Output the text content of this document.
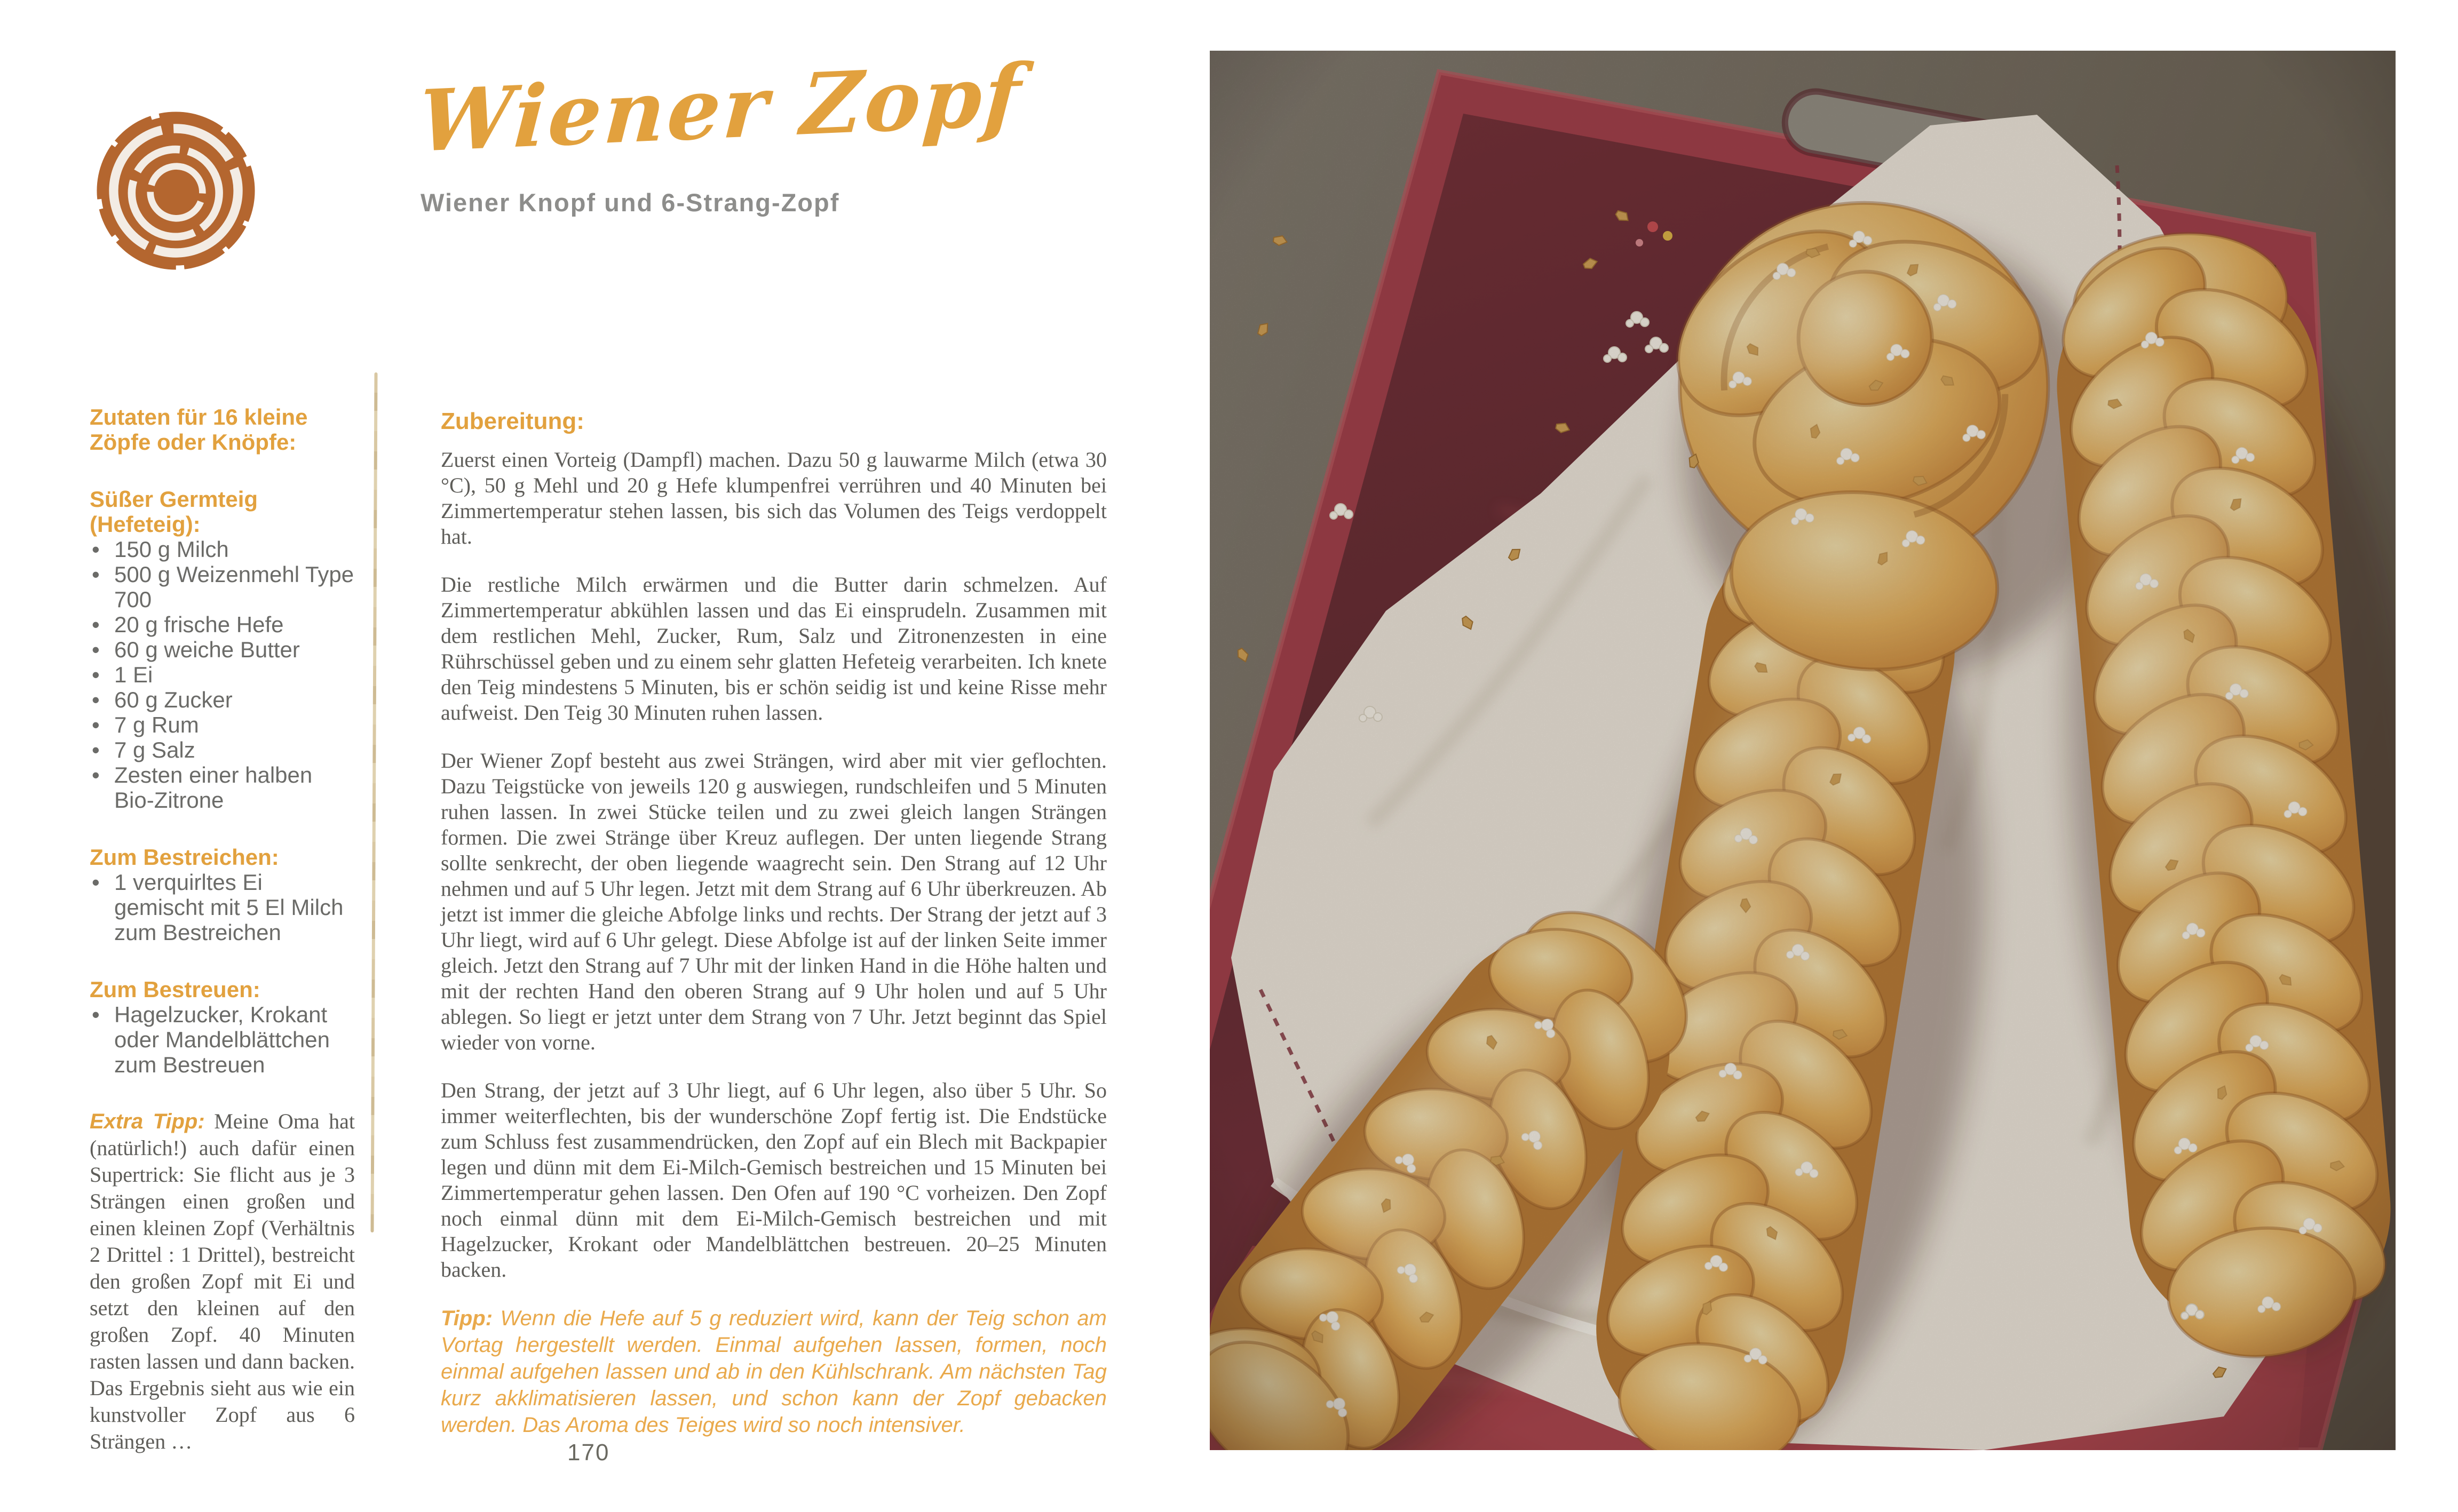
Wiener Zopf
Wiener Knopf und 6-Strang-Zopf
Zutaten für 16 kleine Zöpfe oder Knöpfe:
Süßer Germteig (Hefeteig):
• 150 g Milch
• 500 g Weizenmehl Type 700
• 20 g frische Hefe
• 60 g weiche Butter
• 1 Ei
• 60 g Zucker
• 7 g Rum
• 7 g Salz
• Zesten einer halben Bio-Zitrone
Zum Bestreichen:
• 1 verquirltes Ei gemischt mit 5 El Milch zum Bestreichen
Zum Bestreuen:
• Hagelzucker, Krokant oder Mandelblättchen zum Bestreuen

Extra Tipp: Meine Oma hat (natürlich!) auch dafür einen Supertrick: Sie flicht aus je 3 Strängen einen großen und einen kleinen Zopf (Verhältnis 2 Drittel : 1 Drittel), bestreicht den großen Zopf mit Ei und setzt den kleinen auf den großen Zopf. 40 Minuten rasten lassen und dann backen. Das Ergebnis sieht aus wie ein kunstvoller Zopf aus 6 Strängen …

Zubereitung:

Zuerst einen Vorteig (Dampfl) machen. Dazu 50 g lauwarme Milch (etwa 30 °C), 50 g Mehl und 20 g Hefe klumpenfrei verrühren und 40 Minuten bei Zimmertemperatur stehen lassen, bis sich das Volumen des Teigs verdoppelt hat.

Die restliche Milch erwärmen und die Butter darin schmelzen. Auf Zimmertemperatur abkühlen lassen und das Ei einsprudeln. Zusammen mit dem restlichen Mehl, Zucker, Rum, Salz und Zitronenzesten in eine Rührschüssel geben und zu einem sehr glatten Hefeteig verarbeiten. Ich knete den Teig mindestens 5 Minuten, bis er schön seidig ist und keine Risse mehr aufweist. Den Teig 30 Minuten ruhen lassen.

Der Wiener Zopf besteht aus zwei Strängen, wird aber mit vier geflochten. Dazu Teigstücke von jeweils 120 g auswiegen, rundschleifen und 5 Minuten ruhen lassen. In zwei Stücke teilen und zu zwei gleich langen Strängen formen. Die zwei Stränge über Kreuz auflegen. Der unten liegende Strang sollte senkrecht, der oben liegende waagrecht sein. Den Strang auf 12 Uhr nehmen und auf 5 Uhr legen. Jetzt mit dem Strang auf 6 Uhr überkreuzen. Ab jetzt ist immer die gleiche Abfolge links und rechts. Der Strang der jetzt auf 3 Uhr liegt, wird auf 6 Uhr gelegt. Diese Abfolge ist auf der linken Seite immer gleich. Jetzt den Strang auf 7 Uhr mit der linken Hand in die Höhe halten und mit der rechten Hand den oberen Strang auf 9 Uhr holen und auf 5 Uhr ablegen. So liegt er jetzt unter dem Strang von 7 Uhr. Jetzt beginnt das Spiel wieder von vorne.

Den Strang, der jetzt auf 3 Uhr liegt, auf 6 Uhr legen, also über 5 Uhr. So immer weiterflechten, bis der wunderschöne Zopf fertig ist. Die Endstücke zum Schluss fest zusammendrücken, den Zopf auf ein Blech mit Backpapier legen und dünn mit dem Ei-Milch-Gemisch bestreichen und 15 Minuten bei Zimmertemperatur gehen lassen. Den Ofen auf 190 °C vorheizen. Den Zopf noch einmal dünn mit dem Ei-Milch-Gemisch bestreichen und mit Hagelzucker, Krokant oder Mandelblättchen bestreuen. 20–25 Minuten backen.

Tipp: Wenn die Hefe auf 5 g reduziert wird, kann der Teig schon am Vortag hergestellt werden. Einmal aufgehen lassen, formen, noch einmal aufgehen lassen und ab in den Kühlschrank. Am nächsten Tag kurz akklimatisieren lassen, und schon kann der Zopf gebacken werden. Das Aroma des Teiges wird so noch intensiver.

170
